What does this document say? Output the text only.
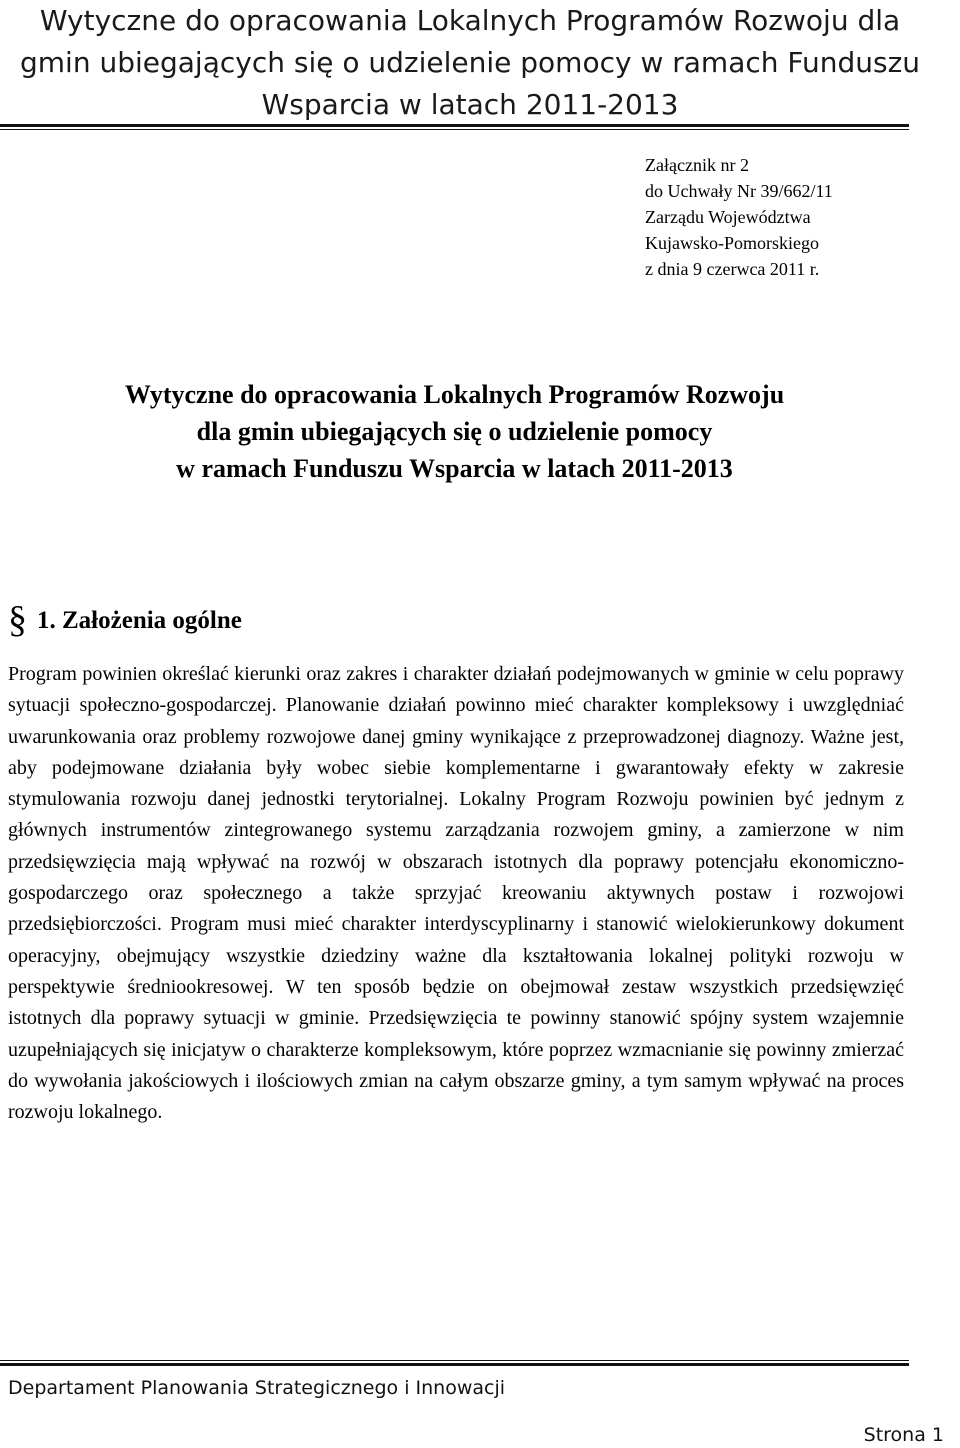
Wytyczne do opracowania Lokalnych Programów Rozwoju dla
gmin ubiegających się o udzielenie pomocy w ramach Funduszu
Wsparcia w latach 2011-2013
Załącznik nr 2
do Uchwały Nr 39/662/11
Zarządu Województwa
Kujawsko-Pomorskiego
z dnia 9 czerwca 2011 r.
Wytyczne do opracowania Lokalnych Programów Rozwoju
dla gmin ubiegających się o udzielenie pomocy
w ramach Funduszu Wsparcia w latach 2011-2013
§ 1. Założenia ogólne

Program powinien określać kierunki oraz zakres i charakter działań podejmowanych w gminie w celu poprawy sytuacji społeczno-gospodarczej. Planowanie działań powinno mieć charakter kompleksowy i uwzględniać uwarunkowania oraz problemy rozwojowe danej gminy wynikające z przeprowadzonej diagnozy. Ważne jest, aby podejmowane działania były wobec siebie komplementarne i gwarantowały efekty w zakresie stymulowania rozwoju danej jednostki terytorialnej. Lokalny Program Rozwoju powinien być jednym z głównych instrumentów zintegrowanego systemu zarządzania rozwojem gminy, a zamierzone w nim przedsięwzięcia mają wpływać na rozwój w obszarach istotnych dla poprawy potencjału ekonomiczno-gospodarczego oraz społecznego a także sprzyjać kreowaniu aktywnych postaw i rozwojowi przedsiębiorczości. Program musi mieć charakter interdyscyplinarny i stanowić wielokierunkowy dokument operacyjny, obejmujący wszystkie dziedziny ważne dla kształtowania lokalnej polityki rozwoju w perspektywie średniookresowej. W ten sposób będzie on obejmował zestaw wszystkich przedsięwzięć istotnych dla poprawy sytuacji w gminie. Przedsięwzięcia te powinny stanowić spójny system wzajemnie uzupełniających się inicjatyw o charakterze kompleksowym, które poprzez wzmacnianie się powinny zmierzać do wywołania jakościowych i ilościowych zmian na całym obszarze gminy, a tym samym wpływać na proces rozwoju lokalnego.

Departament Planowania Strategicznego i Innowacji
Strona 1
